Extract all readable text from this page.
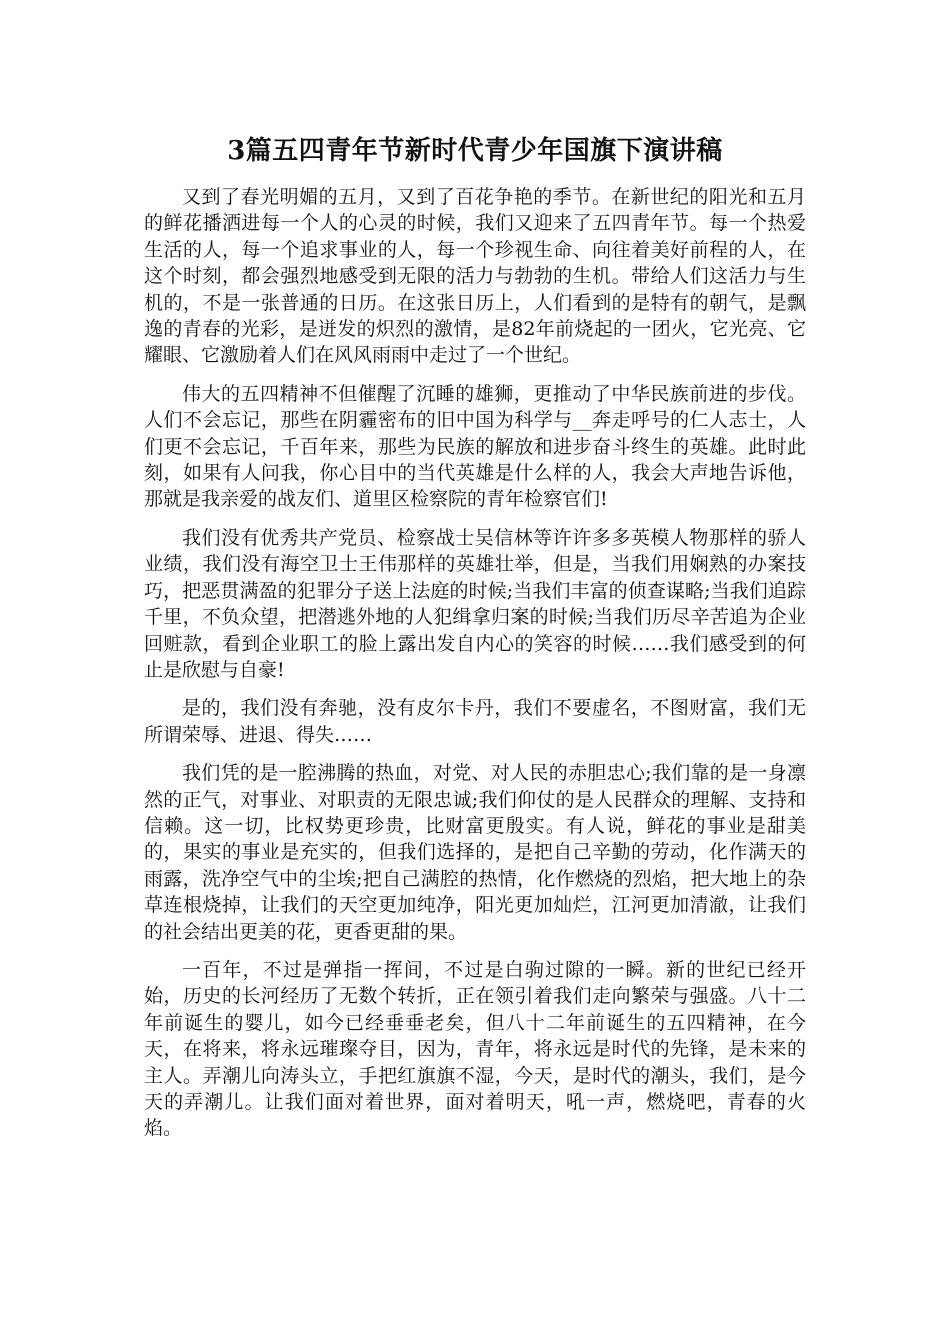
3篇五四青年节新时代青少年国旗下演讲稿

又到了春光明媚的五月，又到了百花争艳的季节。在新世纪的阳光和五月的鲜花播洒进每一个人的心灵的时候，我们又迎来了五四青年节。每一个热爱生活的人，每一个追求事业的人，每一个珍视生命、向往着美好前程的人，在这个时刻，都会强烈地感受到无限的活力与勃勃的生机。带给人们这活力与生机的，不是一张普通的日历。在这张日历上，人们看到的是特有的朝气，是飘逸的青春的光彩，是迸发的炽烈的激情，是82年前烧起的一团火，它光亮、它耀眼、它激励着人们在风风雨雨中走过了一个世纪。

伟大的五四精神不但催醒了沉睡的雄狮，更推动了中华民族前进的步伐。人们不会忘记，那些在阴霾密布的旧中国为科学与__奔走呼号的仁人志士，人们更不会忘记，千百年来，那些为民族的解放和进步奋斗终生的英雄。此时此刻，如果有人问我，你心目中的当代英雄是什么样的人，我会大声地告诉他，那就是我亲爱的战友们、道里区检察院的青年检察官们!

我们没有优秀共产党员、检察战士吴信林等许许多多英模人物那样的骄人业绩，我们没有海空卫士王伟那样的英雄壮举，但是，当我们用娴熟的办案技巧，把恶贯满盈的犯罪分子送上法庭的时候;当我们丰富的侦查谋略;当我们追踪千里，不负众望，把潜逃外地的人犯缉拿归案的时候;当我们历尽辛苦追为企业回赃款，看到企业职工的脸上露出发自内心的笑容的时候……我们感受到的何止是欣慰与自豪!

是的，我们没有奔驰，没有皮尔卡丹，我们不要虚名，不图财富，我们无所谓荣辱、进退、得失……

我们凭的是一腔沸腾的热血，对党、对人民的赤胆忠心;我们靠的是一身凛然的正气，对事业、对职责的无限忠诚;我们仰仗的是人民群众的理解、支持和信赖。这一切，比权势更珍贵，比财富更殷实。有人说，鲜花的事业是甜美的，果实的事业是充实的，但我们选择的，是把自己辛勤的劳动，化作满天的雨露，洗净空气中的尘埃;把自己满腔的热情，化作燃烧的烈焰，把大地上的杂草连根烧掉，让我们的天空更加纯净，阳光更加灿烂，江河更加清澈，让我们的社会结出更美的花，更香更甜的果。

一百年，不过是弹指一挥间，不过是白驹过隙的一瞬。新的世纪已经开始，历史的长河经历了无数个转折，正在领引着我们走向繁荣与强盛。八十二年前诞生的婴儿，如今已经垂垂老矣，但八十二年前诞生的五四精神，在今天，在将来，将永远璀璨夺目，因为，青年，将永远是时代的先锋，是未来的主人。弄潮儿向涛头立，手把红旗旗不湿，今天，是时代的潮头，我们，是今天的弄潮儿。让我们面对着世界，面对着明天，吼一声，燃烧吧，青春的火焰。
